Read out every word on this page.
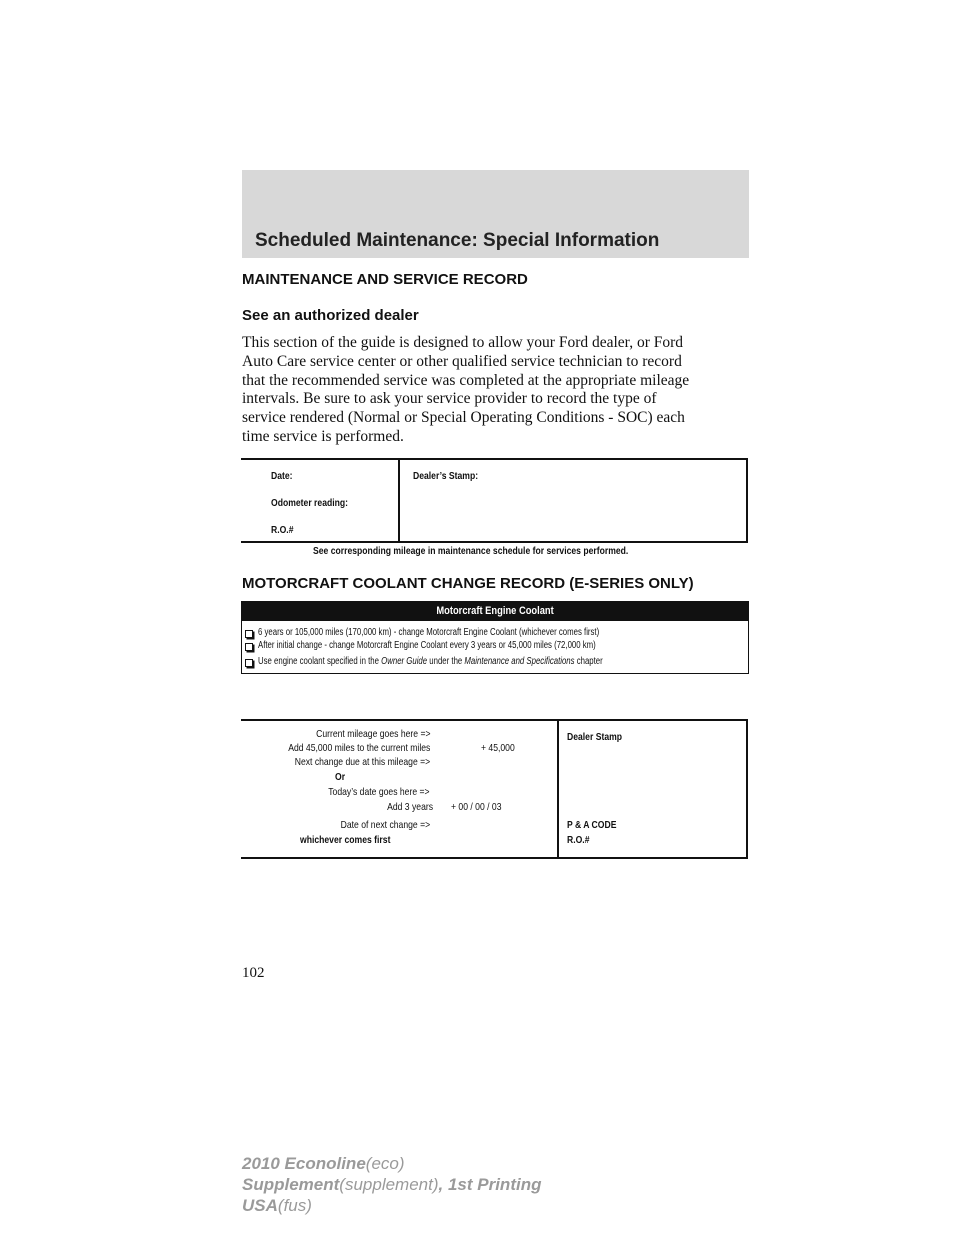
Scheduled Maintenance: Special Information
MAINTENANCE AND SERVICE RECORD
See an authorized dealer

This section of the guide is designed to allow your Ford dealer, or Ford
Auto Care service center or other qualified service technician to record
that the recommended service was completed at the appropriate mileage
intervals. Be sure to ask your service provider to record the type of
service rendered (Normal or Special Operating Conditions - SOC) each
time service is performed.

Date:
Odometer reading:
R.O.#
Dealer’s Stamp:
See corresponding mileage in maintenance schedule for services performed.
MOTORCRAFT COOLANT CHANGE RECORD (E-SERIES ONLY)
Motorcraft Engine Coolant
6 years or 105,000 miles (170,000 km) - change Motorcraft Engine Coolant (whichever comes first)
After initial change - change Motorcraft Engine Coolant every 3 years or 45,000 miles (72,000 km)
Use engine coolant specified in the Owner Guide under the Maintenance and Specifications chapter
Current mileage goes here =>
Add 45,000 miles to the current miles	+ 45,000
Next change due at this mileage =>
Or
Today’s date goes here =>
Add 3 years + 00 / 00 / 03
Date of next change =>
whichever comes first
Dealer Stamp
P & A CODE
R.O.#
102
2010 Econoline(eco)
Supplement(supplement), 1st Printing
USA(fus)
